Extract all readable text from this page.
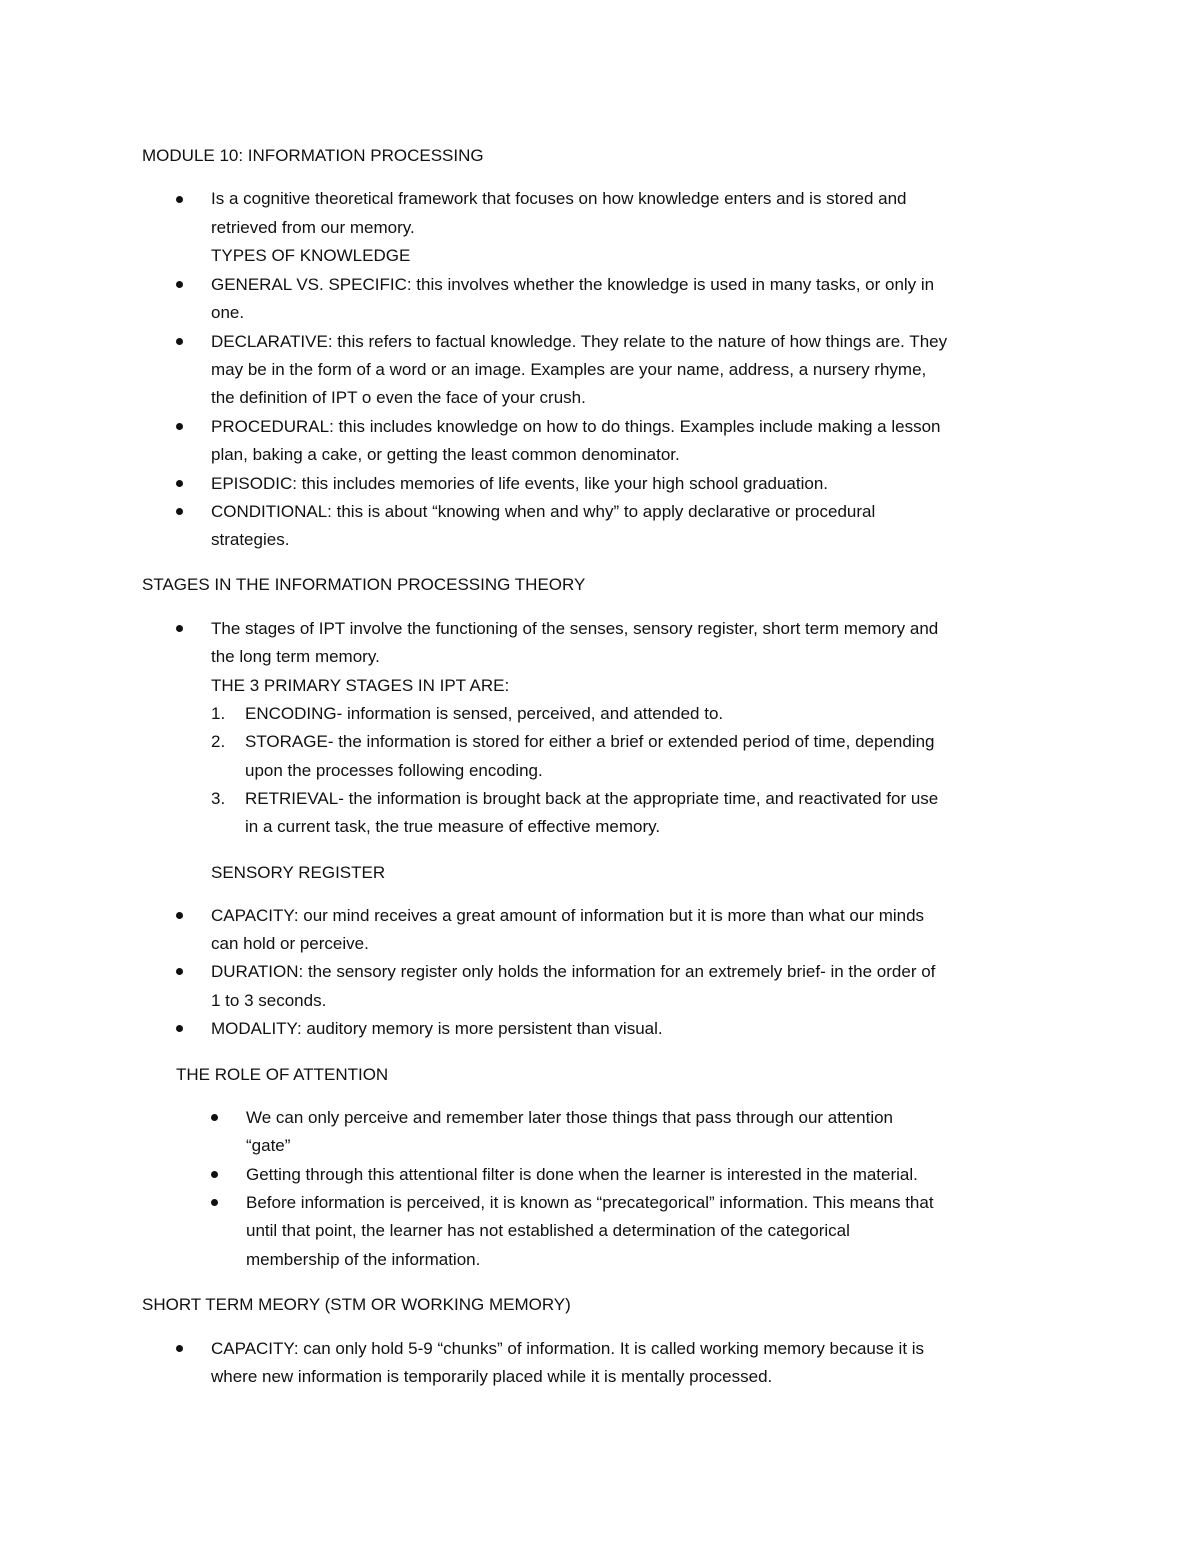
MODULE 10: INFORMATION PROCESSING
Is a cognitive theoretical framework that focuses on how knowledge enters and is stored and
retrieved from our memory.
TYPES OF KNOWLEDGE
GENERAL VS. SPECIFIC: this involves whether the knowledge is used in many tasks, or only in
one.
DECLARATIVE: this refers to factual knowledge. They relate to the nature of how things are. They
may be in the form of a word or an image. Examples are your name, address, a nursery rhyme,
the definition of IPT o even the face of your crush.
PROCEDURAL: this includes knowledge on how to do things. Examples include making a lesson
plan, baking a cake, or getting the least common denominator.
EPISODIC: this includes memories of life events, like your high school graduation.
CONDITIONAL: this is about “knowing when and why” to apply declarative or procedural
strategies.
STAGES IN THE INFORMATION PROCESSING THEORY
The stages of IPT involve the functioning of the senses, sensory register, short term memory and
the long term memory.
THE 3 PRIMARY STAGES IN IPT ARE:
1. ENCODING- information is sensed, perceived, and attended to.
2. STORAGE- the information is stored for either a brief or extended period of time, depending
upon the processes following encoding.
3. RETRIEVAL- the information is brought back at the appropriate time, and reactivated for use
in a current task, the true measure of effective memory.
SENSORY REGISTER
CAPACITY: our mind receives a great amount of information but it is more than what our minds
can hold or perceive.
DURATION: the sensory register only holds the information for an extremely brief- in the order of
1 to 3 seconds.
MODALITY: auditory memory is more persistent than visual.
THE ROLE OF ATTENTION
We can only perceive and remember later those things that pass through our attention
“gate”
Getting through this attentional filter is done when the learner is interested in the material.
Before information is perceived, it is known as “precategorical” information. This means that
until that point, the learner has not established a determination of the categorical
membership of the information.
SHORT TERM MEORY (STM OR WORKING MEMORY)
CAPACITY: can only hold 5-9 “chunks” of information. It is called working memory because it is
where new information is temporarily placed while it is mentally processed.
